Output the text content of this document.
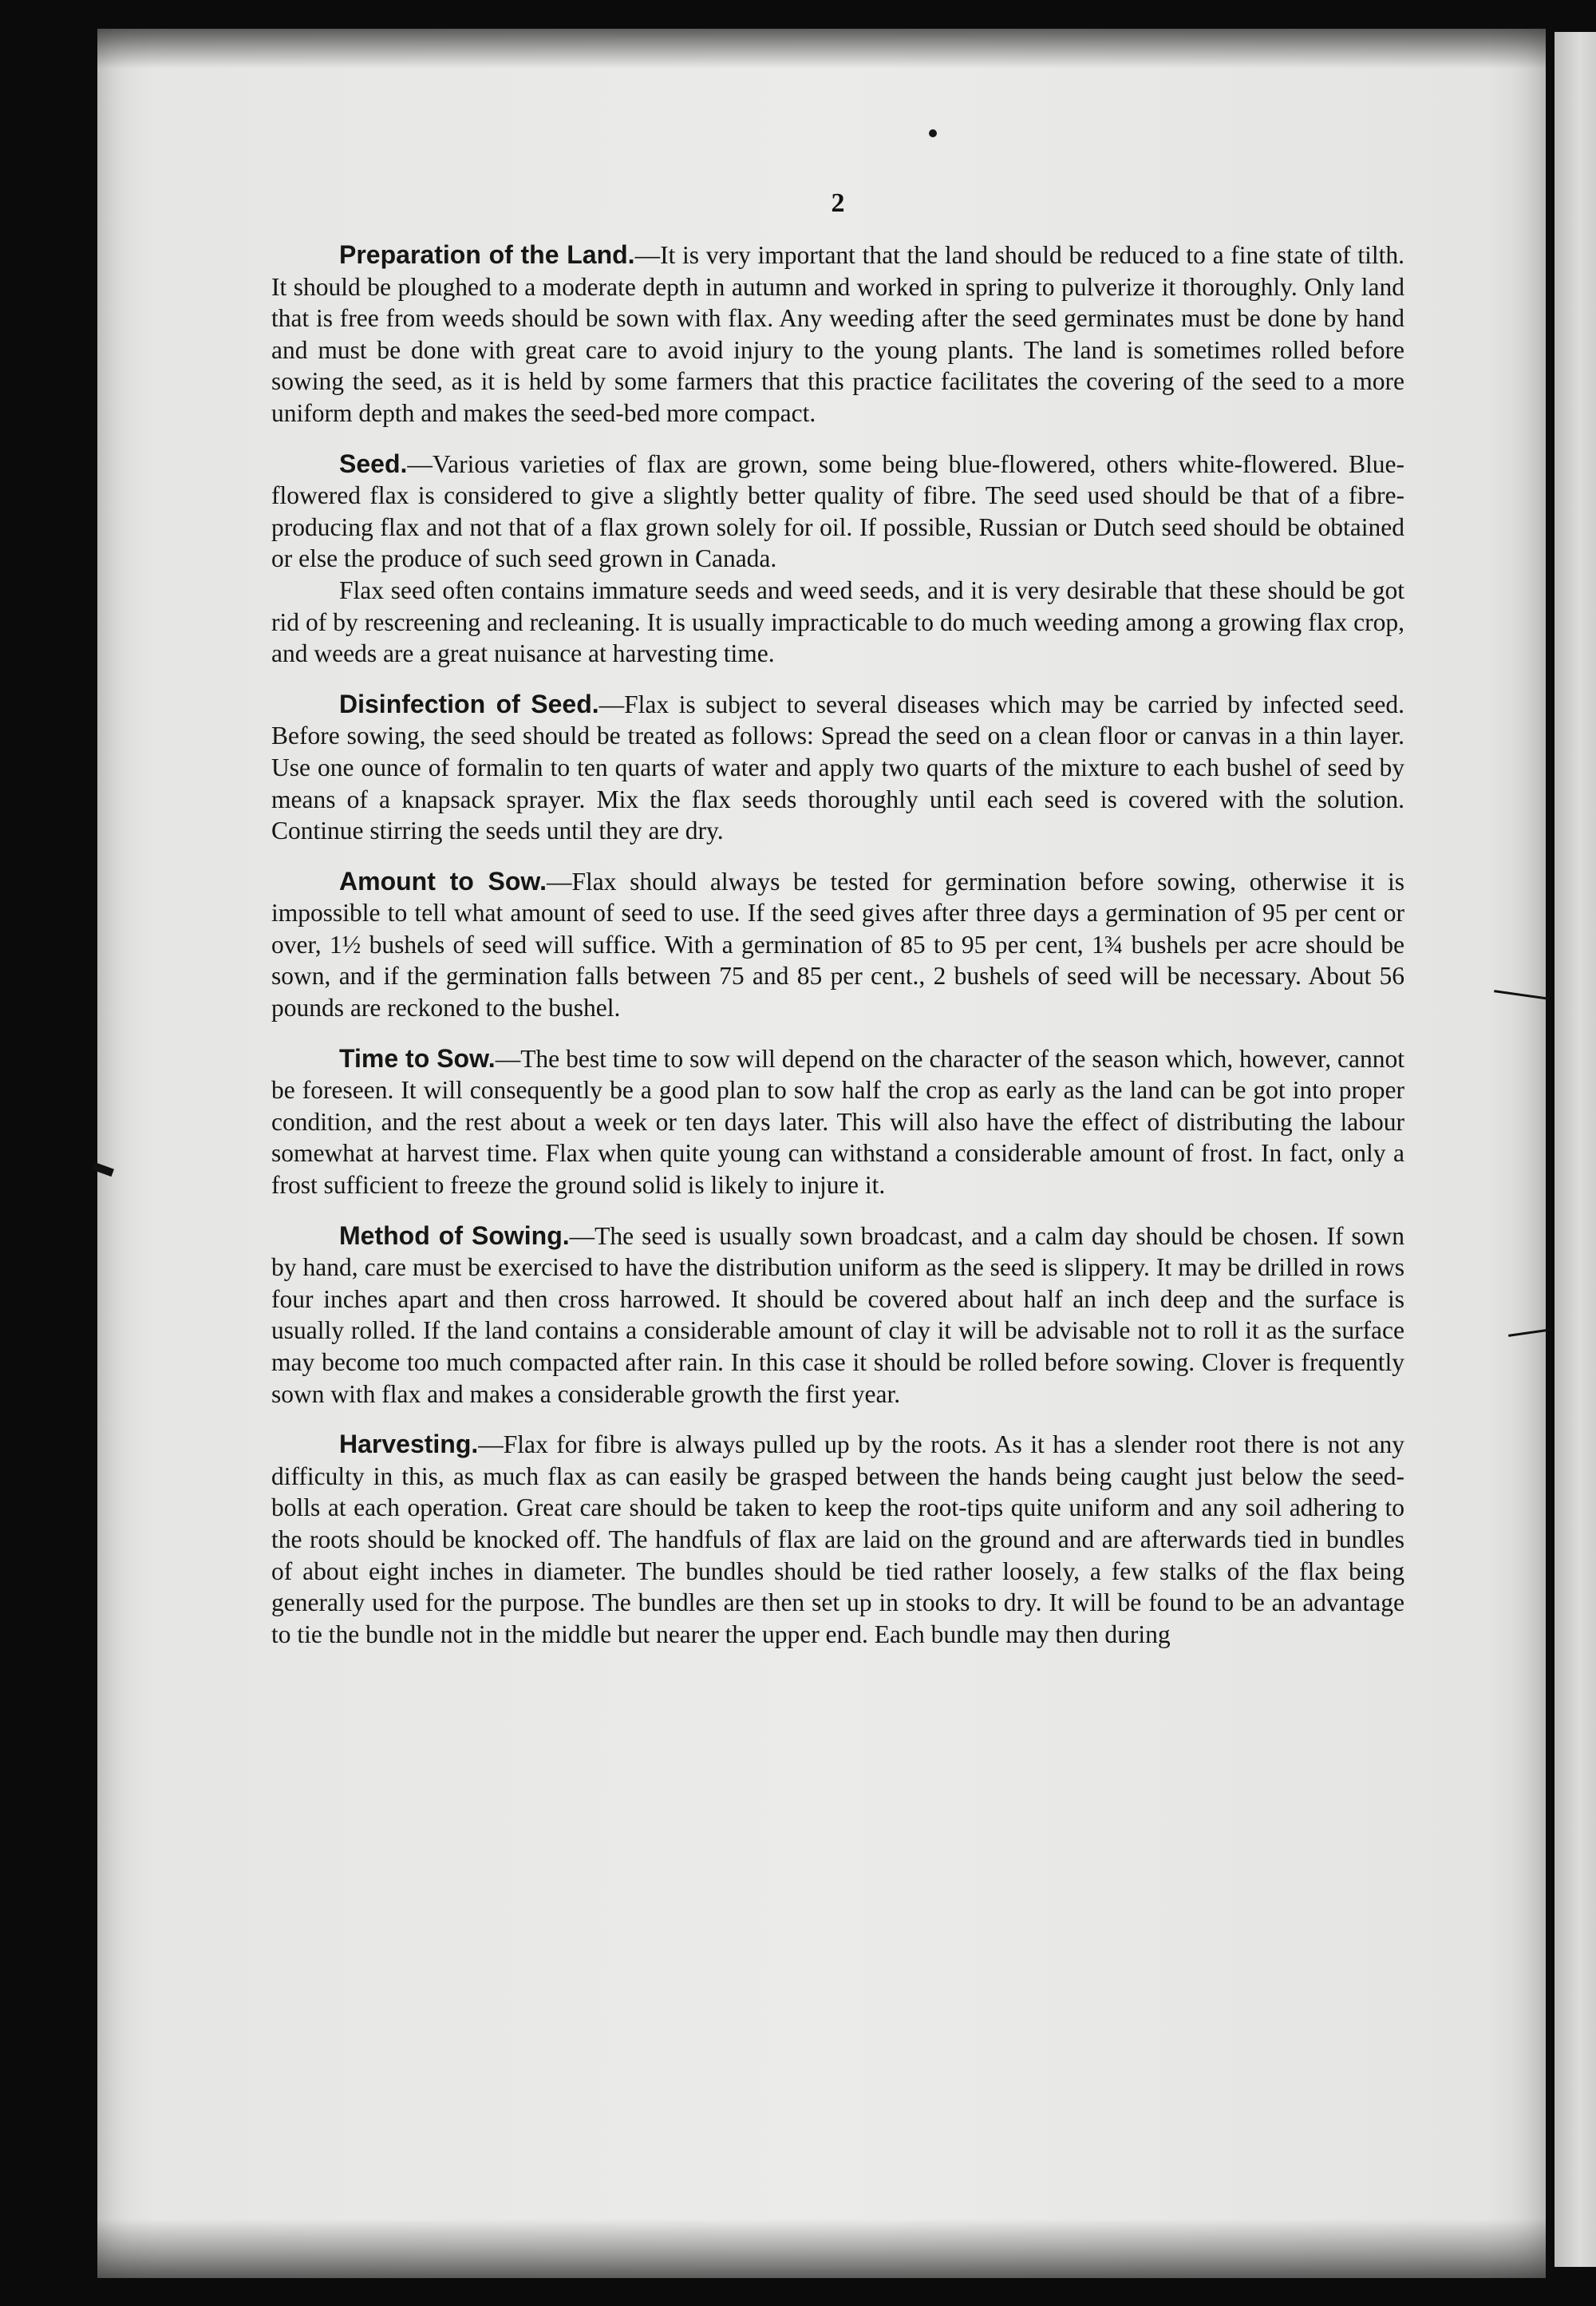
2

Preparation of the Land.—It is very important that the land should be reduced to a fine state of tilth. It should be ploughed to a moderate depth in autumn and worked in spring to pulverize it thoroughly. Only land that is free from weeds should be sown with flax. Any weeding after the seed germinates must be done by hand and must be done with great care to avoid injury to the young plants. The land is sometimes rolled before sowing the seed, as it is held by some farmers that this practice facilitates the covering of the seed to a more uniform depth and makes the seed-bed more compact.

Seed.—Various varieties of flax are grown, some being blue-flowered, others white-flowered. Blue-flowered flax is considered to give a slightly better quality of fibre. The seed used should be that of a fibre-producing flax and not that of a flax grown solely for oil. If possible, Russian or Dutch seed should be obtained or else the produce of such seed grown in Canada.

Flax seed often contains immature seeds and weed seeds, and it is very desirable that these should be got rid of by rescreening and recleaning. It is usually impracticable to do much weeding among a growing flax crop, and weeds are a great nuisance at harvesting time.

Disinfection of Seed.—Flax is subject to several diseases which may be carried by infected seed. Before sowing, the seed should be treated as follows: Spread the seed on a clean floor or canvas in a thin layer. Use one ounce of formalin to ten quarts of water and apply two quarts of the mixture to each bushel of seed by means of a knapsack sprayer. Mix the flax seeds thoroughly until each seed is covered with the solution. Continue stirring the seeds until they are dry.

Amount to Sow.—Flax should always be tested for germination before sowing, otherwise it is impossible to tell what amount of seed to use. If the seed gives after three days a germination of 95 per cent or over, 1½ bushels of seed will suffice. With a germination of 85 to 95 per cent, 1¾ bushels per acre should be sown, and if the germination falls between 75 and 85 per cent., 2 bushels of seed will be necessary. About 56 pounds are reckoned to the bushel.

Time to Sow.—The best time to sow will depend on the character of the season which, however, cannot be foreseen. It will consequently be a good plan to sow half the crop as early as the land can be got into proper condition, and the rest about a week or ten days later. This will also have the effect of distributing the labour somewhat at harvest time. Flax when quite young can withstand a considerable amount of frost. In fact, only a frost sufficient to freeze the ground solid is likely to injure it.

Method of Sowing.—The seed is usually sown broadcast, and a calm day should be chosen. If sown by hand, care must be exercised to have the distribution uniform as the seed is slippery. It may be drilled in rows four inches apart and then cross harrowed. It should be covered about half an inch deep and the surface is usually rolled. If the land contains a considerable amount of clay it will be advisable not to roll it as the surface may become too much compacted after rain. In this case it should be rolled before sowing. Clover is frequently sown with flax and makes a considerable growth the first year.

Harvesting.—Flax for fibre is always pulled up by the roots. As it has a slender root there is not any difficulty in this, as much flax as can easily be grasped between the hands being caught just below the seed-bolls at each operation. Great care should be taken to keep the root-tips quite uniform and any soil adhering to the roots should be knocked off. The handfuls of flax are laid on the ground and are afterwards tied in bundles of about eight inches in diameter. The bundles should be tied rather loosely, a few stalks of the flax being generally used for the purpose. The bundles are then set up in stooks to dry. It will be found to be an advantage to tie the bundle not in the middle but nearer the upper end. Each bundle may then during
